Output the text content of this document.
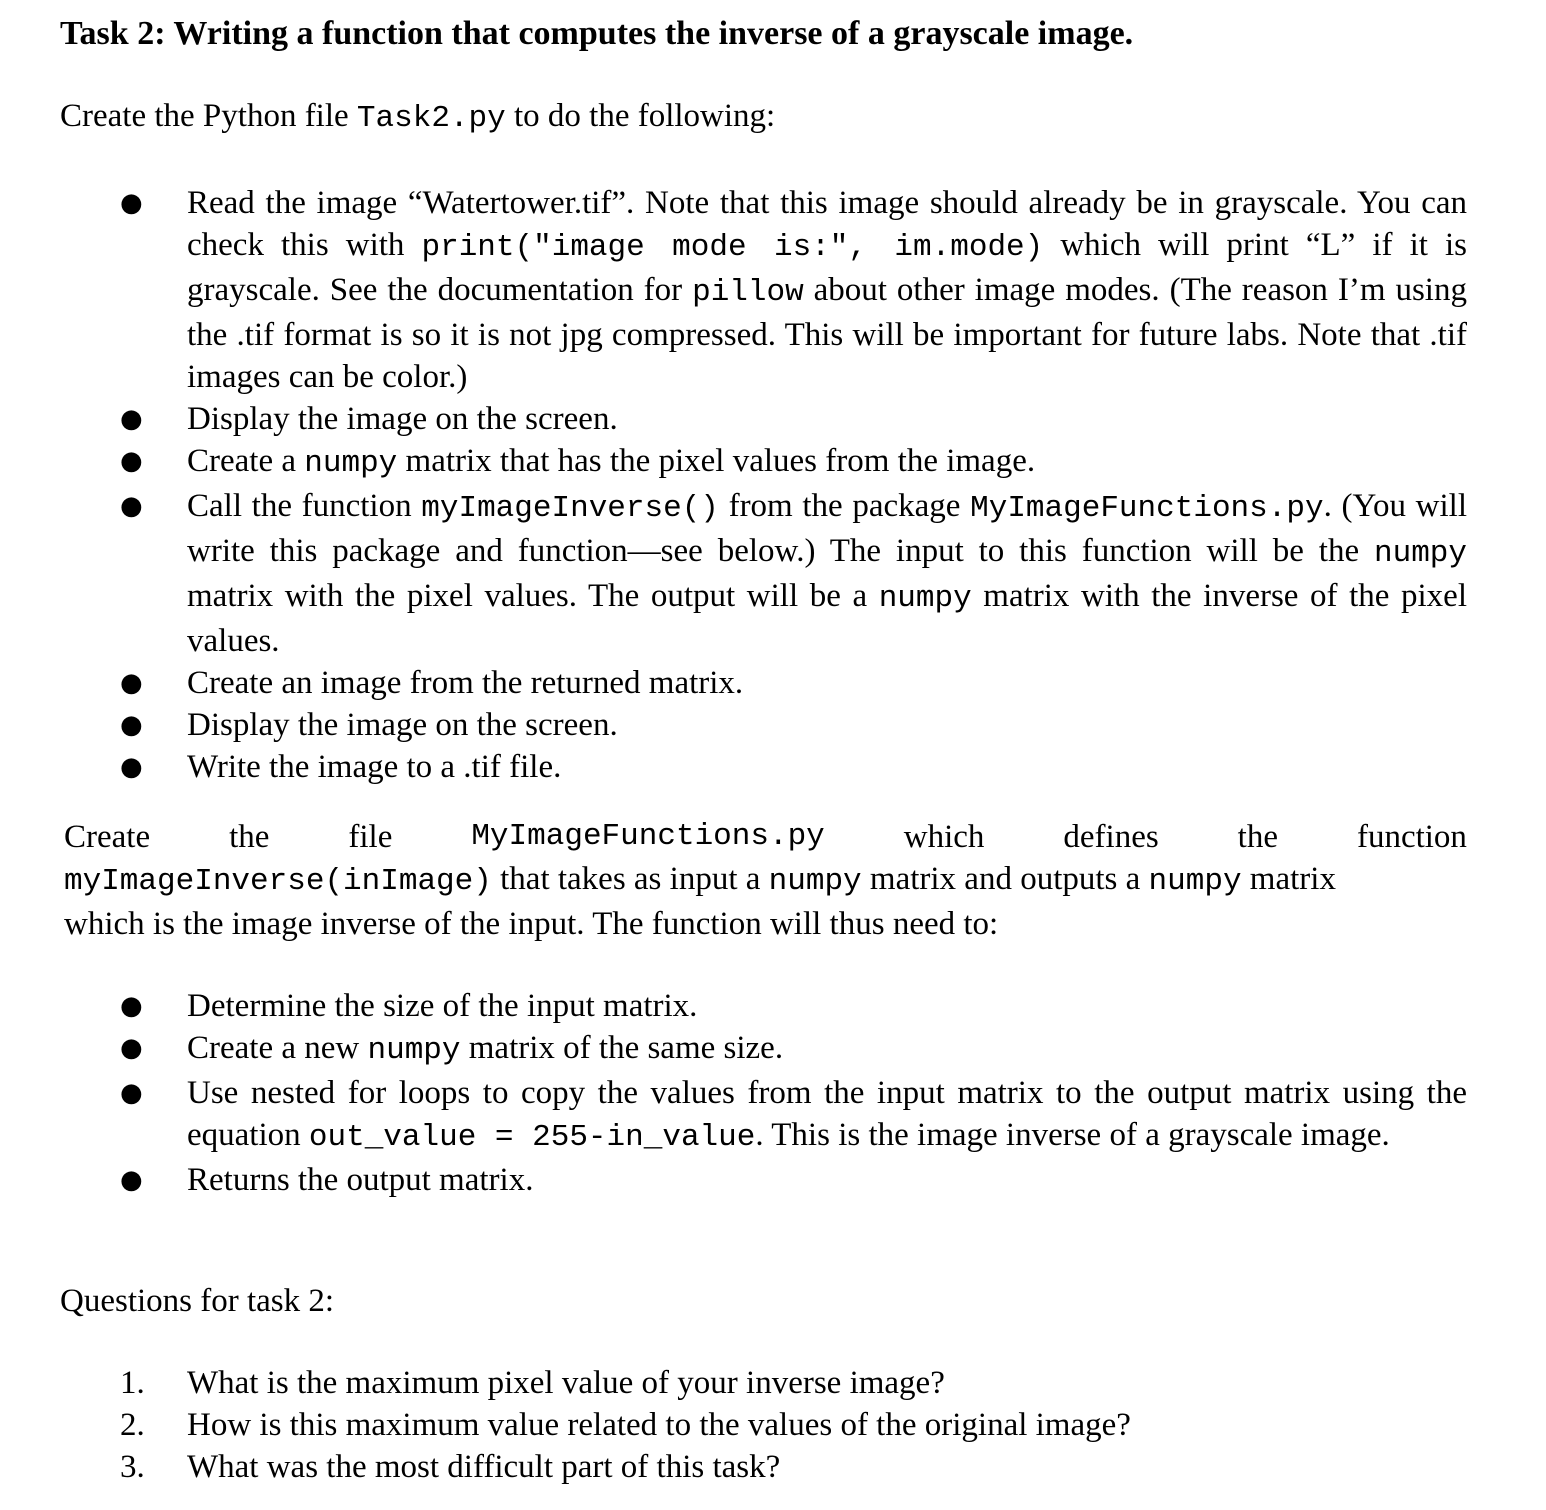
Task 2: Writing a function that computes the inverse of a grayscale image.
Create the Python file Task2.py to do the following:
● Read the image “Watertower.tif”. Note that this image should already be in grayscale. You can check this with print("image mode is:", im.mode) which will print “L” if it is grayscale. See the documentation for pillow about other image modes. (The reason I’m using the .tif format is so it is not jpg compressed. This will be important for future labs. Note that .tif images can be color.)
● Display the image on the screen.
● Create a numpy matrix that has the pixel values from the image.
● Call the function myImageInverse() from the package MyImageFunctions.py. (You will write this package and function—see below.) The input to this function will be the numpy matrix with the pixel values. The output will be a numpy matrix with the inverse of the pixel values.
● Create an image from the returned matrix.
● Display the image on the screen.
● Write the image to a .tif file.
Create the file	MyImageFunctions.py which defines the function
myImageInverse(inImage) that takes as input a numpy matrix and outputs a numpy matrix
which is the image inverse of the input. The function will thus need to:
● Determine the size of the input matrix.
● Create a new numpy matrix of the same size.
● Use nested for loops to copy the values from the input matrix to the output matrix using the equation out_value = 255-in_value. This is the image inverse of a grayscale image.
● Returns the output matrix.
Questions for task 2:
1. What is the maximum pixel value of your inverse image?
2. How is this maximum value related to the values of the original image?
3. What was the most difficult part of this task?
